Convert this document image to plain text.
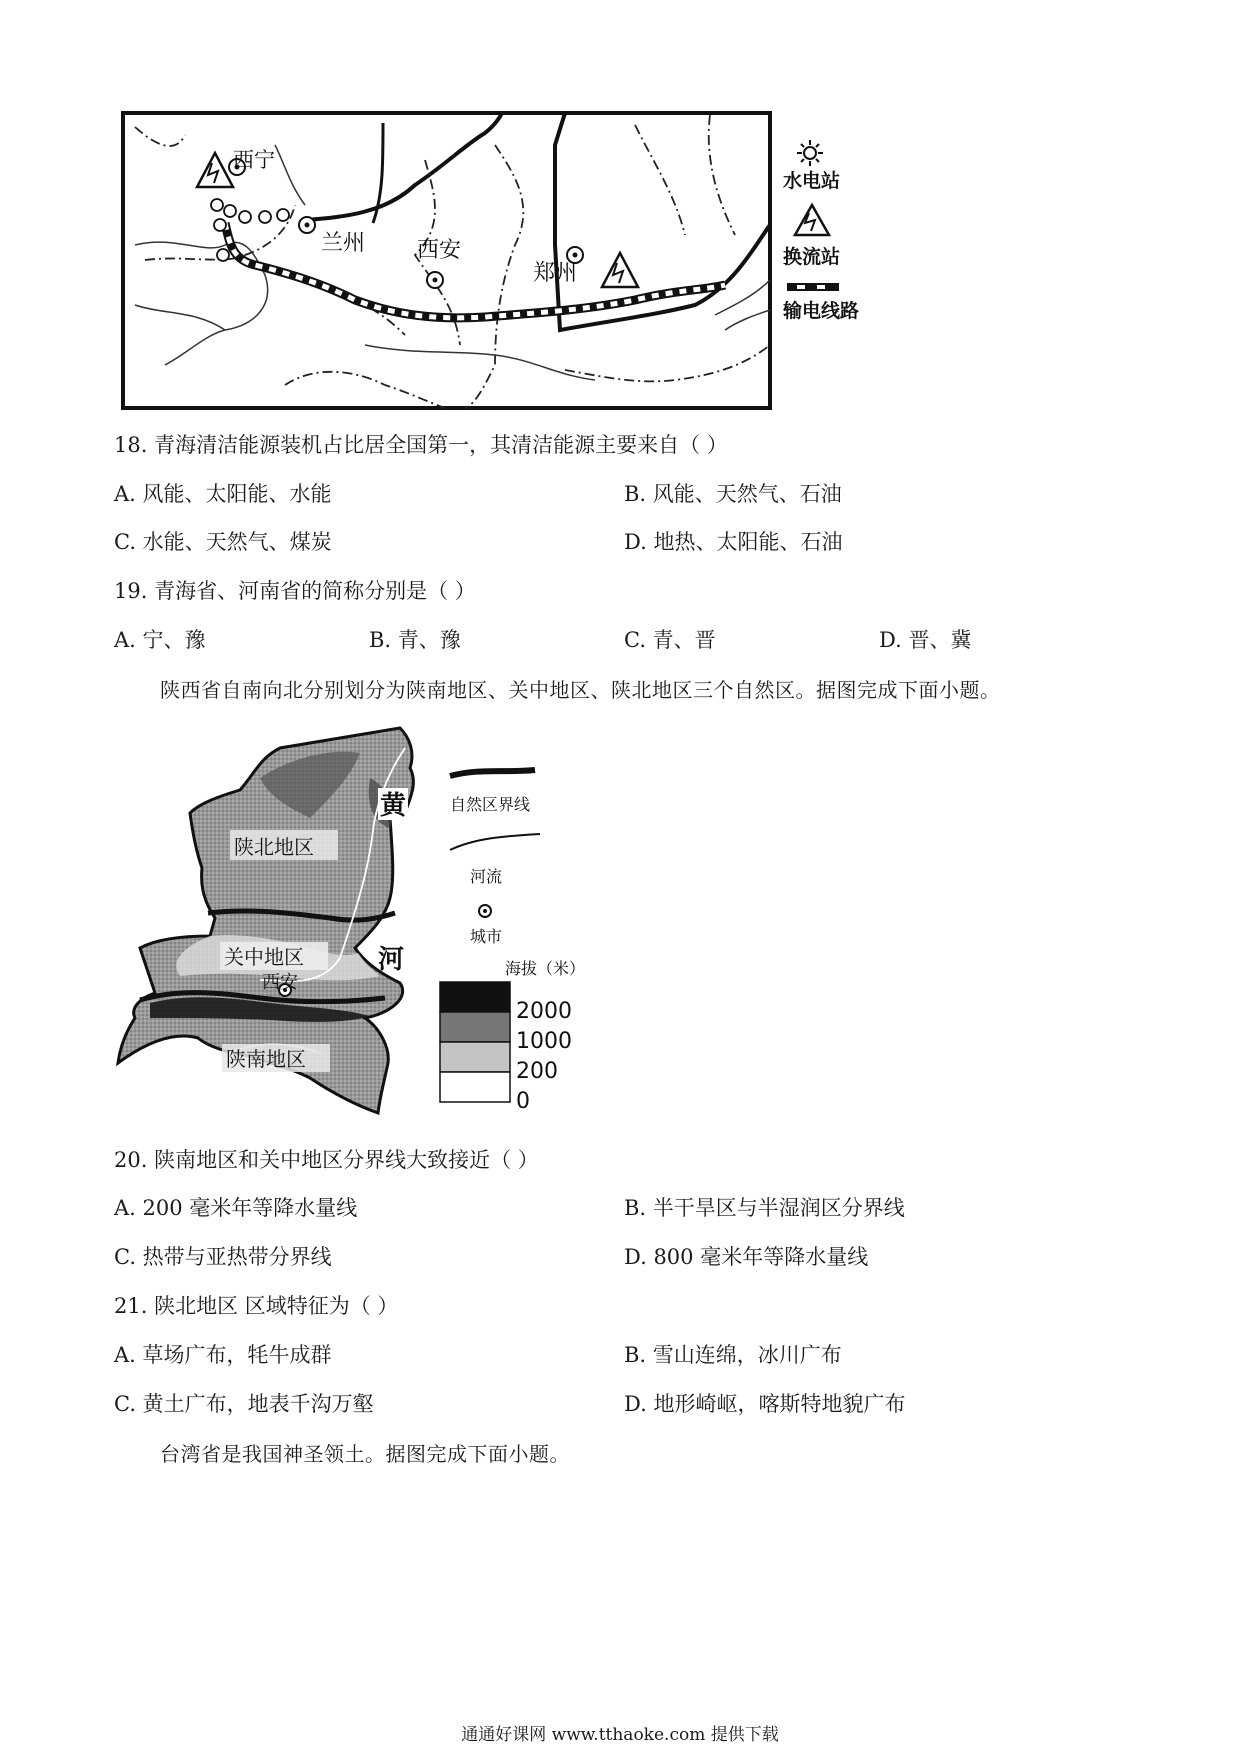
西宁
兰州 西安
郑州
水电站
换流站
输电线路
18. 青海清洁能源装机占比居全国第一，其清洁能源主要来自（ ）
A. 风能、太阳能、水能	B. 风能、天然气、石油
C. 水能、天然气、煤炭	D. 地热、太阳能、石油
19. 青海省、河南省的简称分别是（ ）
A. 宁、豫	B. 青、豫	C. 青、晋	D. 晋、冀
陕西省自南向北分别划分为陕南地区、关中地区、陕北地区三个自然区。据图完成下面小题。
陕北地区
关中地区
西安
陕南地区
黄
河
自然区界线
河流
城市
海拔（米）
2000
1000
200
0
20. 陕南地区和关中地区分界线大致接近（ ）
A. 200 毫米年等降水量线	B. 半干旱区与半湿润区分界线
C. 热带与亚热带分界线	D. 800 毫米年等降水量线
21. 陕北地区 区域特征为（ ）
A. 草场广布，牦牛成群	B. 雪山连绵，冰川广布
C. 黄土广布，地表千沟万壑	D. 地形崎岖，喀斯特地貌广布
台湾省是我国神圣领土。据图完成下面小题。
通通好课网 www.tthaoke.com 提供下载
